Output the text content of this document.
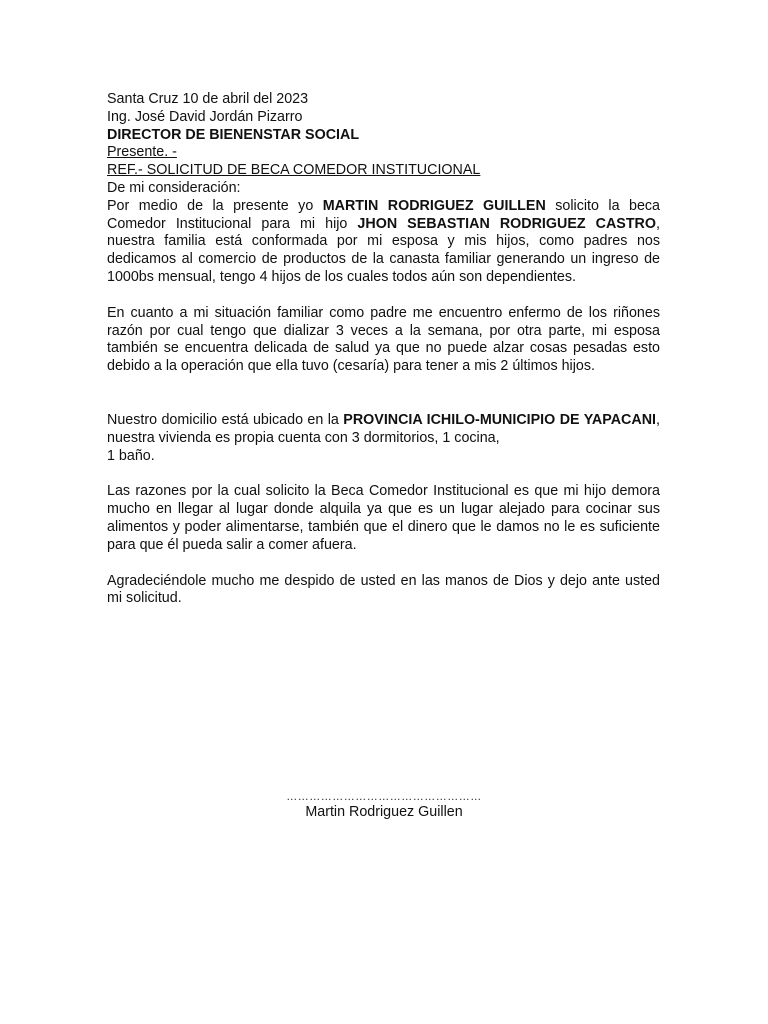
Santa Cruz 10 de abril del 2023
Ing. José David Jordán Pizarro
DIRECTOR DE BIENENSTAR SOCIAL
Presente. -
REF.- SOLICITUD DE BECA COMEDOR INSTITUCIONAL
De mi consideración:

Por medio de la presente yo MARTIN RODRIGUEZ GUILLEN solicito la beca Comedor Institucional para mi hijo JHON SEBASTIAN RODRIGUEZ CASTRO, nuestra familia está conformada por mi esposa y mis hijos, como padres nos dedicamos al comercio de productos de la canasta familiar generando un ingreso de 1000bs mensual, tengo 4 hijos de los cuales todos aún son dependientes.

En cuanto a mi situación familiar como padre me encuentro enfermo de los riñones razón por cual tengo que dializar 3 veces a la semana, por otra parte, mi esposa también se encuentra delicada de salud ya que no puede alzar cosas pesadas esto debido a la operación que ella tuvo (cesaría) para tener a mis 2 últimos hijos.

Nuestro domicilio está ubicado en la PROVINCIA ICHILO-MUNICIPIO DE YAPACANI, nuestra vivienda es propia cuenta con 3 dormitorios, 1 cocina,
1 baño.

Las razones por la cual solicito la Beca Comedor Institucional es que mi hijo demora mucho en llegar al lugar donde alquila ya que es un lugar alejado para cocinar sus alimentos y poder alimentarse, también que el dinero que le damos no le es suficiente para que él pueda salir a comer afuera.

Agradeciéndole mucho me despido de usted en las manos de Dios y dejo ante usted mi solicitud.

……………………………………………
Martin Rodriguez Guillen
